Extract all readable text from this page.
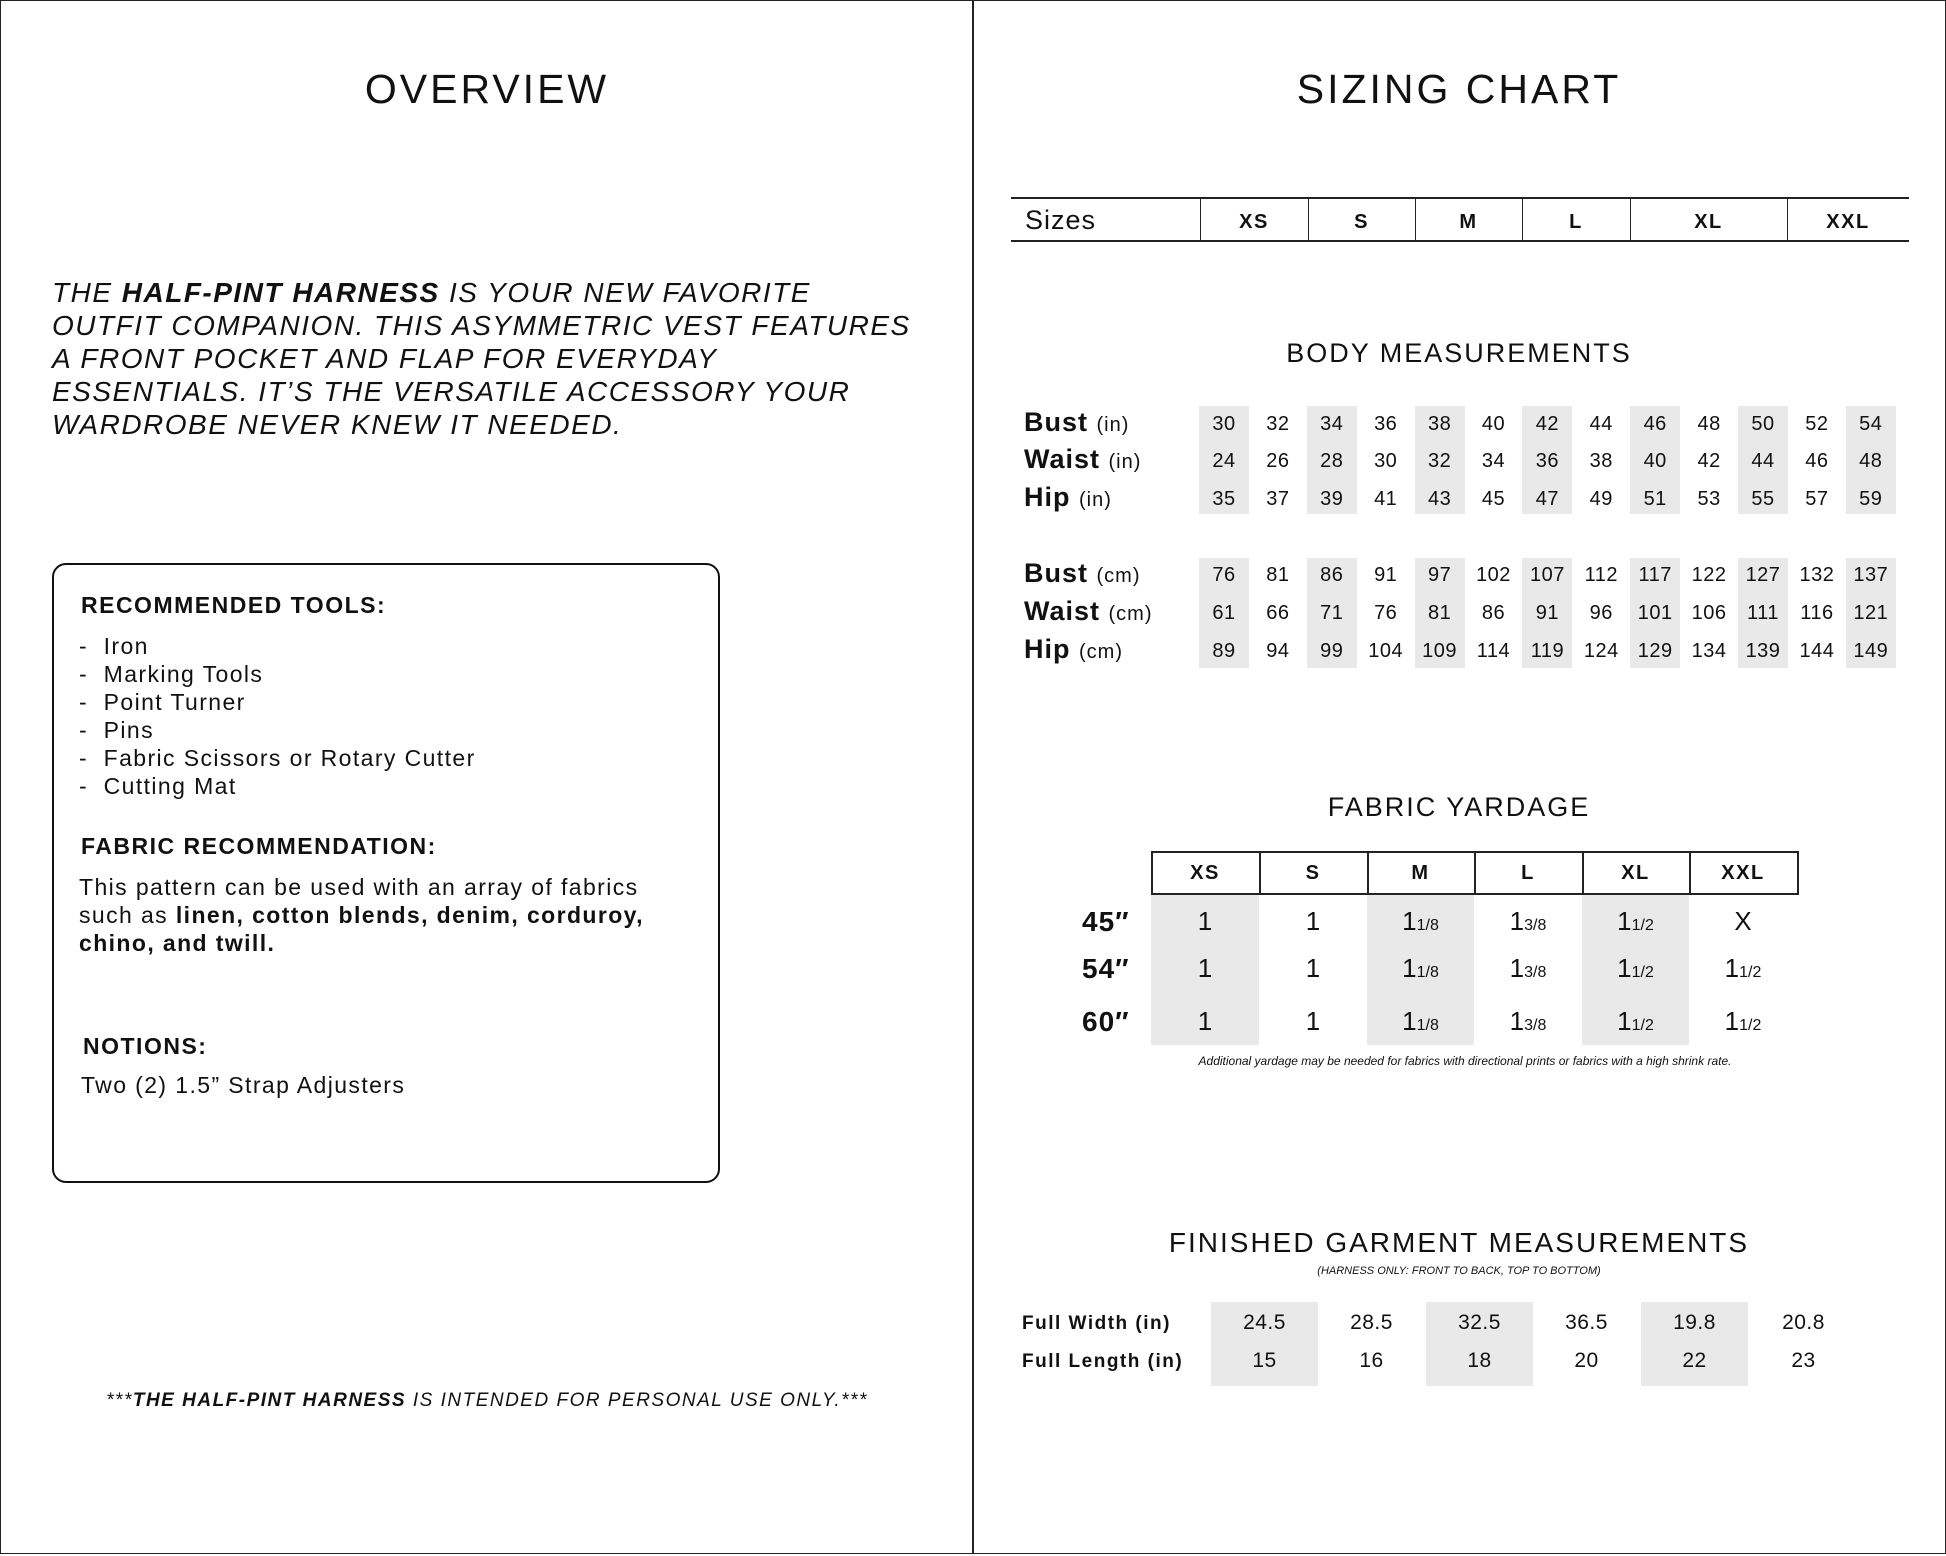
OVERVIEW
THE HALF-PINT HARNESS IS YOUR NEW FAVORITE OUTFIT COMPANION. THIS ASYMMETRIC VEST FEATURES A FRONT POCKET AND FLAP FOR EVERYDAY ESSENTIALS. IT’S THE VERSATILE ACCESSORY YOUR WARDROBE NEVER KNEW IT NEEDED.
RECOMMENDED TOOLS:
- Iron
- Marking Tools
- Point Turner
- Pins
- Fabric Scissors or Rotary Cutter
- Cutting Mat
FABRIC RECOMMENDATION:
This pattern can be used with an array of fabrics such as linen, cotton blends, denim, corduroy, chino, and twill.
NOTIONS:
Two (2) 1.5” Strap Adjusters
***THE HALF-PINT HARNESS IS INTENDED FOR PERSONAL USE ONLY.***
SIZING CHART
Sizes	XS	S	M	L	XL	XXL
BODY MEASUREMENTS
Bust (in)	30	32	34	36	38	40	42	44	46	48	50	52	54
Waist (in)	24	26	28	30	32	34	36	38	40	42	44	46	48
Hip (in)	35	37	39	41	43	45	47	49	51	53	55	57	59
Bust (cm)	76	81	86	91	97	102 107 112	117 122 127 132 137
Waist (cm)	61	66	71	76	81	86	91	96	101 106	111	116 121
Hip (cm)	89	94	99	104 109 114	119 124 129 134 139 144 149
FABRIC YARDAGE
XS	S	M	L	XL	XXL
45″	1	1	11/8	13/8	11/2	X
54″	1	1	11/8	13/8	11/2	11/2
60″	1	1	11/8	13/8	11/2	11/2
Additional yardage may be needed for fabrics with directional prints or fabrics with a high shrink rate.
FINISHED GARMENT MEASUREMENTS
(HARNESS ONLY: FRONT TO BACK, TOP TO BOTTOM)
Full Width (in)	24.5	28.5	32.5	36.5	19.8	20.8
Full Length (in)	15	16	18	20	22	23
